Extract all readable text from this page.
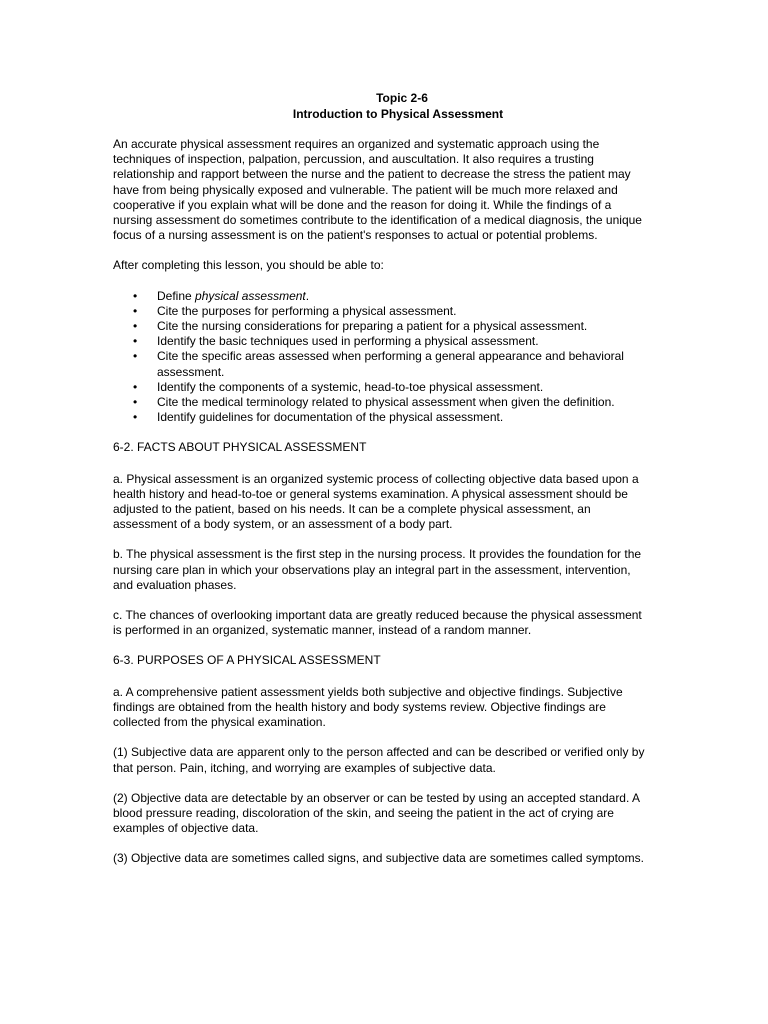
Topic 2-6
Introduction to Physical Assessment

An accurate physical assessment requires an organized and systematic approach using the techniques of inspection, palpation, percussion, and auscultation. It also requires a trusting relationship and rapport between the nurse and the patient to decrease the stress the patient may have from being physically exposed and vulnerable. The patient will be much more relaxed and cooperative if you explain what will be done and the reason for doing it. While the findings of a nursing assessment do sometimes contribute to the identification of a medical diagnosis, the unique focus of a nursing assessment is on the patient's responses to actual or potential problems.

After completing this lesson, you should be able to:

• Define physical assessment.
• Cite the purposes for performing a physical assessment.
• Cite the nursing considerations for preparing a patient for a physical assessment.
• Identify the basic techniques used in performing a physical assessment.
• Cite the specific areas assessed when performing a general appearance and behavioral assessment.
• Identify the components of a systemic, head-to-toe physical assessment.
• Cite the medical terminology related to physical assessment when given the definition.
• Identify guidelines for documentation of the physical assessment.

6-2. FACTS ABOUT PHYSICAL ASSESSMENT

a. Physical assessment is an organized systemic process of collecting objective data based upon a health history and head-to-toe or general systems examination. A physical assessment should be adjusted to the patient, based on his needs. It can be a complete physical assessment, an assessment of a body system, or an assessment of a body part.

b. The physical assessment is the first step in the nursing process. It provides the foundation for the nursing care plan in which your observations play an integral part in the assessment, intervention, and evaluation phases.

c. The chances of overlooking important data are greatly reduced because the physical assessment is performed in an organized, systematic manner, instead of a random manner.

6-3. PURPOSES OF A PHYSICAL ASSESSMENT

a. A comprehensive patient assessment yields both subjective and objective findings. Subjective findings are obtained from the health history and body systems review. Objective findings are collected from the physical examination.

(1) Subjective data are apparent only to the person affected and can be described or verified only by that person. Pain, itching, and worrying are examples of subjective data.

(2) Objective data are detectable by an observer or can be tested by using an accepted standard. A blood pressure reading, discoloration of the skin, and seeing the patient in the act of crying are examples of objective data.

(3) Objective data are sometimes called signs, and subjective data are sometimes called symptoms.
